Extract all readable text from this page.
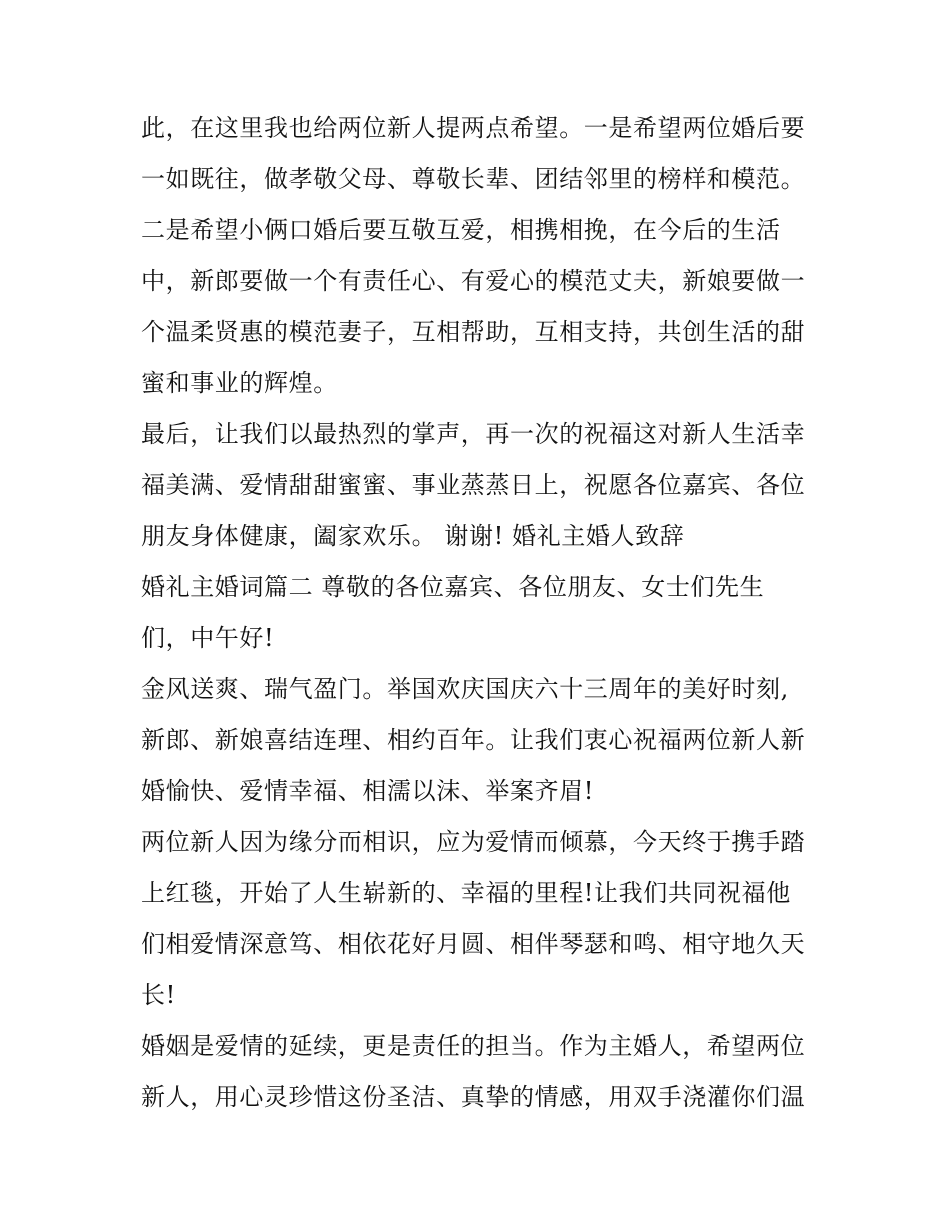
此，在这里我也给两位新人提两点希望。一是希望两位婚后要
一如既往，做孝敬父母、尊敬长辈、团结邻里的榜样和模范。
二是希望小俩口婚后要互敬互爱，相携相挽，在今后的生活
中，新郎要做一个有责任心、有爱心的模范丈夫，新娘要做一
个温柔贤惠的模范妻子，互相帮助，互相支持，共创生活的甜
蜜和事业的辉煌。
最后，让我们以最热烈的掌声，再一次的祝福这对新人生活幸
福美满、爱情甜甜蜜蜜、事业蒸蒸日上，祝愿各位嘉宾、各位
朋友身体健康，阖家欢乐。 谢谢! 婚礼主婚人致辞
婚礼主婚词篇二 尊敬的各位嘉宾、各位朋友、女士们先生
们，中午好!
金风送爽、瑞气盈门。举国欢庆国庆六十三周年的美好时刻,
新郎、新娘喜结连理、相约百年。让我们衷心祝福两位新人新
婚愉快、爱情幸福、相濡以沫、举案齐眉!
两位新人因为缘分而相识，应为爱情而倾慕，今天终于携手踏
上红毯，开始了人生崭新的、幸福的里程!让我们共同祝福他
们相爱情深意笃、相依花好月圆、相伴琴瑟和鸣、相守地久天
长!
婚姻是爱情的延续，更是责任的担当。作为主婚人，希望两位
新人，用心灵珍惜这份圣洁、真挚的情感，用双手浇灌你们温
